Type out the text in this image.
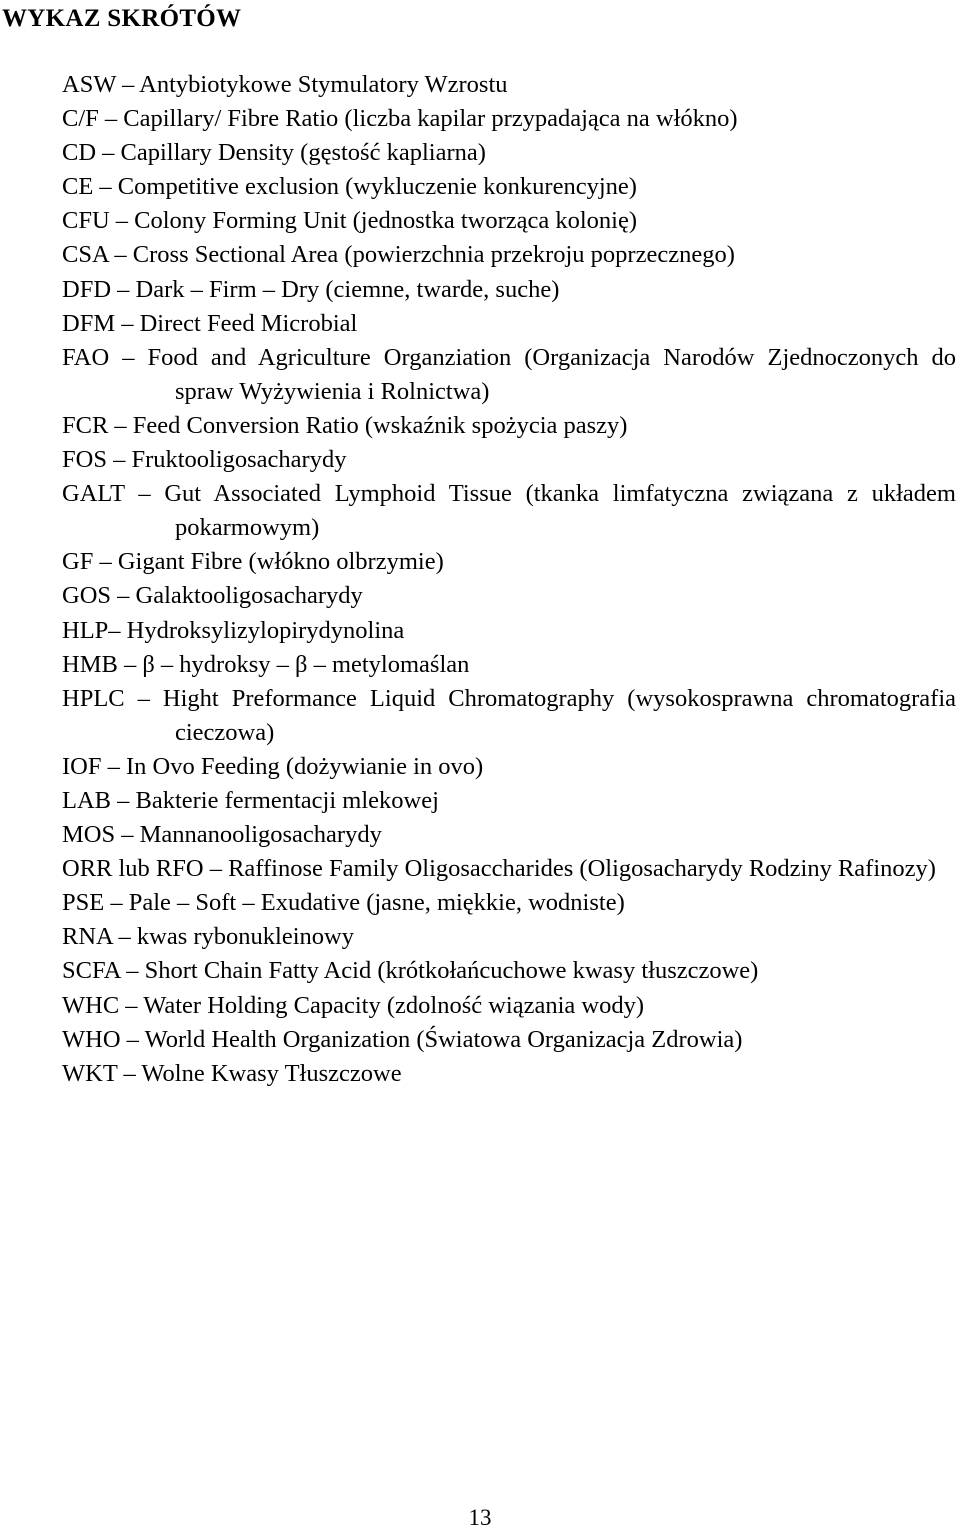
WYKAZ SKRÓTÓW
ASW – Antybiotykowe Stymulatory Wzrostu
C/F – Capillary/ Fibre Ratio (liczba kapilar przypadająca na włókno)
CD – Capillary Density (gęstość kapliarna)
CE – Competitive exclusion (wykluczenie konkurencyjne)
CFU – Colony Forming Unit (jednostka tworząca kolonię)
CSA – Cross Sectional Area (powierzchnia przekroju poprzecznego)
DFD – Dark – Firm – Dry (ciemne, twarde, suche)
DFM – Direct Feed Microbial
FAO – Food and Agriculture Organziation (Organizacja Narodów Zjednoczonych do spraw Wyżywienia i Rolnictwa)
FCR – Feed Conversion Ratio (wskaźnik spożycia paszy)
FOS – Fruktooligosacharydy
GALT – Gut Associated Lymphoid Tissue (tkanka limfatyczna związana z układem pokarmowym)
GF – Gigant Fibre (włókno olbrzymie)
GOS – Galaktooligosacharydy
HLP– Hydroksylizylopirydynolina
HMB – β – hydroksy – β – metylomaślan
HPLC – Hight Preformance Liquid Chromatography (wysokosprawna chromatografia cieczowa)
IOF – In Ovo Feeding (dożywianie in ovo)
LAB – Bakterie fermentacji mlekowej
MOS – Mannanooligosacharydy
ORR lub RFO – Raffinose Family Oligosaccharides (Oligosacharydy Rodziny Rafinozy)
PSE – Pale – Soft – Exudative (jasne, miękkie, wodniste)
RNA – kwas rybonukleinowy
SCFA – Short Chain Fatty Acid (krótkołańcuchowe kwasy tłuszczowe)
WHC – Water Holding Capacity (zdolność wiązania wody)
WHO – World Health Organization (Światowa Organizacja Zdrowia)
WKT – Wolne Kwasy Tłuszczowe

13
